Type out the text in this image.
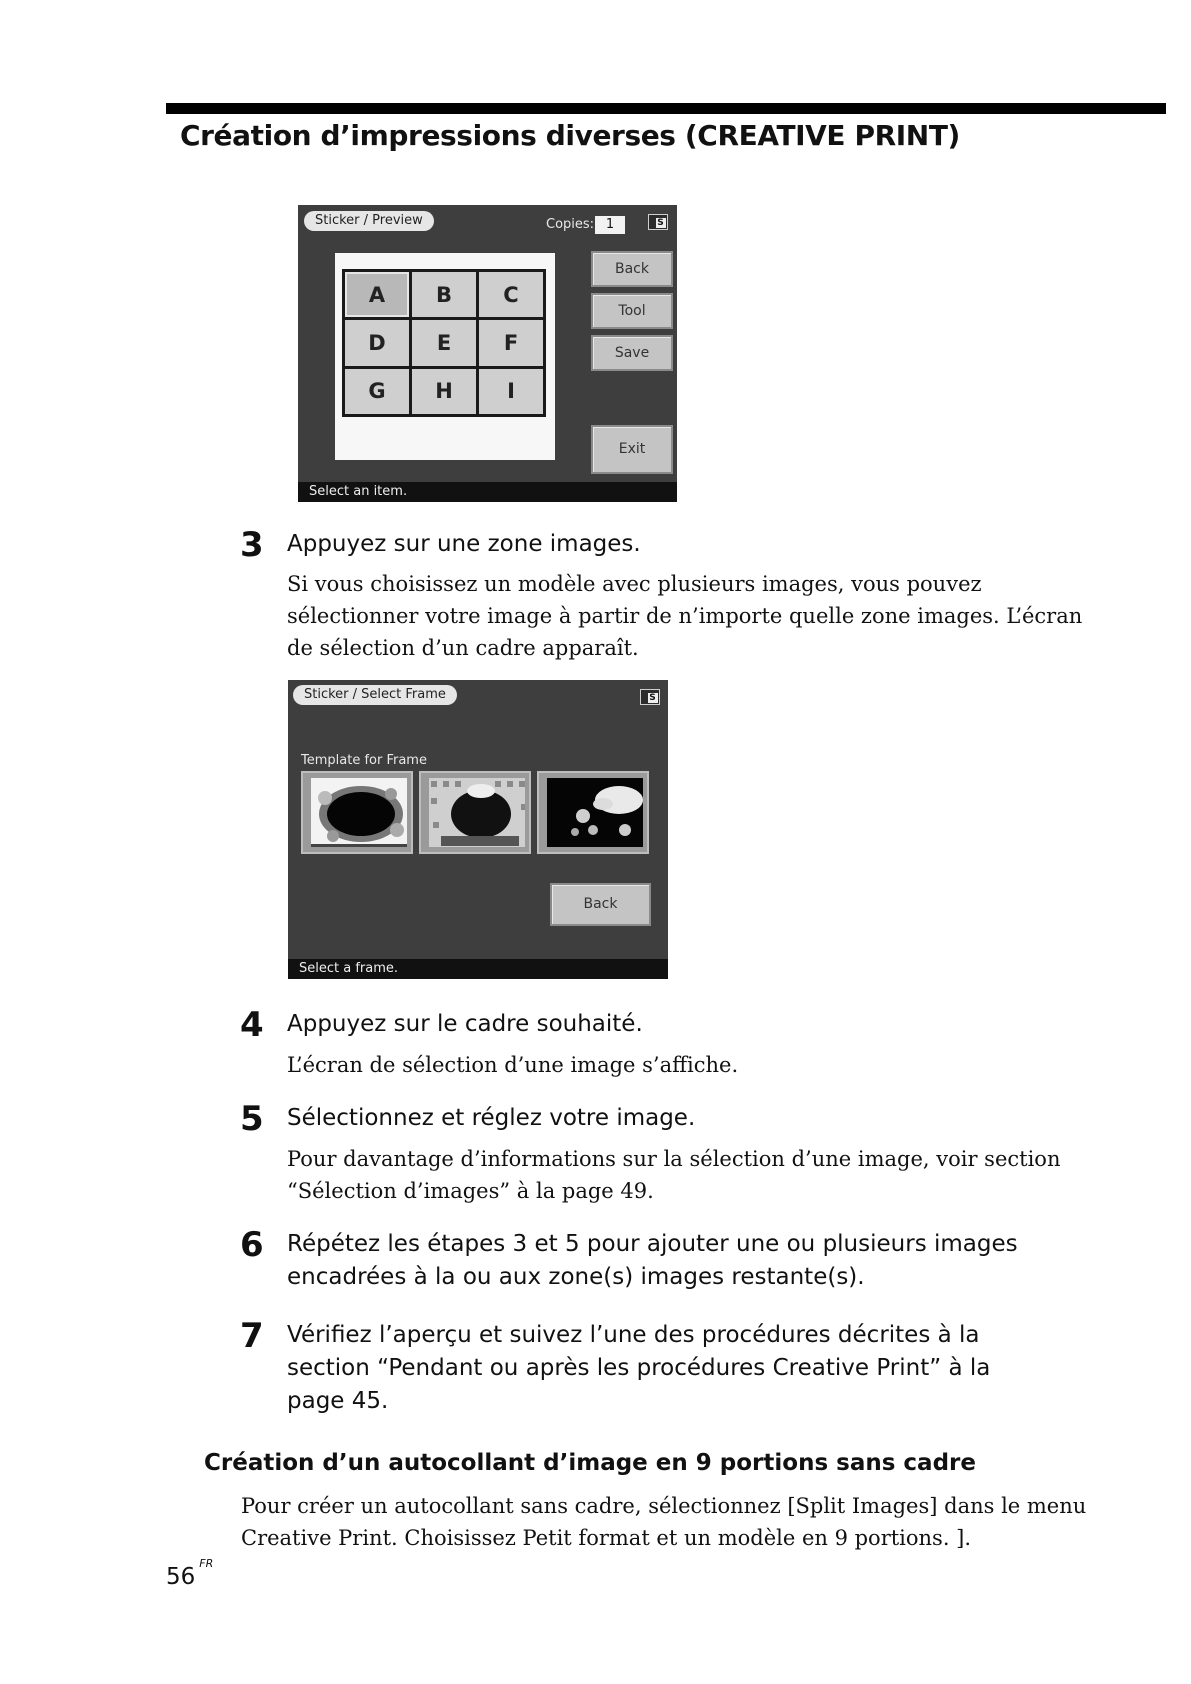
Création d’impressions diverses (CREATIVE PRINT)
Sticker / Preview	Copies: 1	S
A	B	C
D	E	F
G	H	I
Back
Tool
Save
Exit
Select an item.
3 Appuyez sur une zone images.
Si vous choisissez un modèle avec plusieurs images, vous pouvez
sélectionner votre image à partir de n’importe quelle zone images. L’écran
de sélection d’un cadre apparaît.
Sticker / Select Frame	S
Template for Frame
Back
Select a frame.
4 Appuyez sur le cadre souhaité.
L’écran de sélection d’une image s’affiche.
5 Sélectionnez et réglez votre image.
Pour davantage d’informations sur la sélection d’une image, voir section
“Sélection d’images” à la page 49.
6 Répétez les étapes 3 et 5 pour ajouter une ou plusieurs images
encadrées à la ou aux zone(s) images restante(s).
7 Vérifiez l’aperçu et suivez l’une des procédures décrites à la
section “Pendant ou après les procédures Creative Print” à la
page 45.
Création d’un autocollant d’image en 9 portions sans cadre
Pour créer un autocollant sans cadre, sélectionnez [Split Images] dans le menu
Creative Print. Choisissez Petit format et un modèle en 9 portions. ].
$56^{FR}$
